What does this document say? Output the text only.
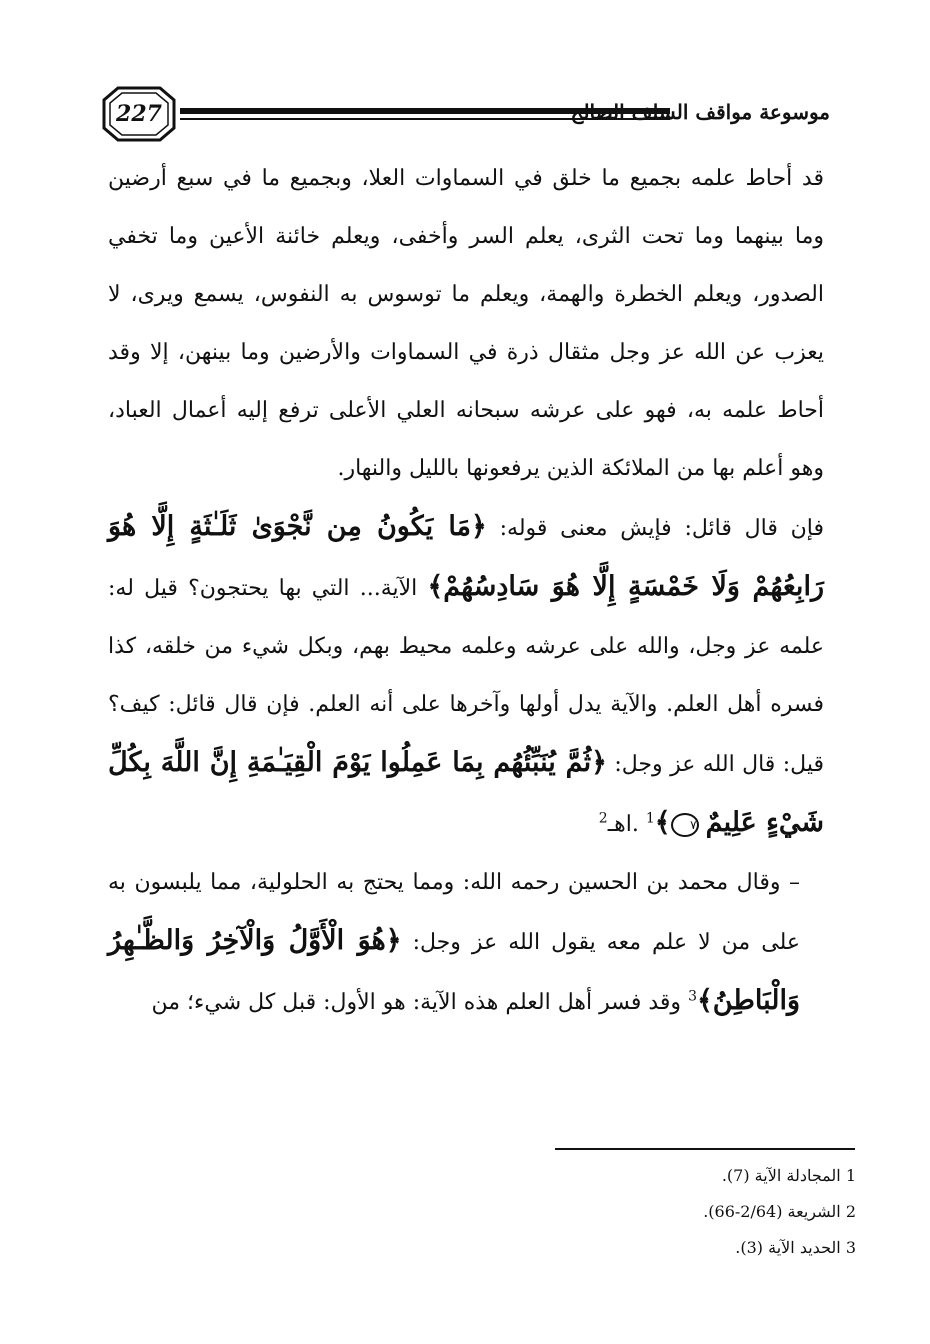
227	موسوعة مواقف السلف الصالح

قد أحاط علمه بجميع ما خلق في السماوات العلا، وبجميع ما في سبع أرضين وما بينهما وما تحت الثرى، يعلم السر وأخفى، ويعلم خائنة الأعين وما تخفي الصدور، ويعلم الخطرة والهمة، ويعلم ما توسوس به النفوس، يسمع ويرى، لا يعزب عن الله عز وجل مثقال ذرة في السماوات والأرضين وما بينهن، إلا وقد أحاط علمه به، فهو على عرشه سبحانه العلي الأعلى ترفع إليه أعمال العباد، وهو أعلم بها من الملائكة الذين يرفعونها بالليل والنهار.

فإن قال قائل: فإيش معنى قوله: ﴿مَا يَكُونُ مِن نَّجْوَىٰ ثَلَـٰثَةٍ إِلَّا هُوَ رَابِعُهُمْ وَلَا خَمْسَةٍ إِلَّا هُوَ سَادِسُهُمْ﴾ الآية... التي بها يحتجون؟ قيل له: علمه عز وجل، والله على عرشه وعلمه محيط بهم، وبكل شيء من خلقه، كذا فسره أهل العلم. والآية يدل أولها وآخرها على أنه العلم. فإن قال قائل: كيف؟ قيل: قال الله عز وجل: ﴿ثُمَّ يُنَبِّئُهُم بِمَا عَمِلُوا يَوْمَ الْقِيَـٰمَةِ إِنَّ اللَّهَ بِكُلِّ شَيْءٍ عَلِيمٌ ٧﴾$^1$ .اهـ$^2$

– وقال محمد بن الحسين رحمه الله: ومما يحتج به الحلولية، مما يلبسون به على من لا علم معه يقول الله عز وجل: ﴿هُوَ الْأَوَّلُ وَالْآخِرُ وَالظَّـٰهِرُ وَالْبَاطِنُ﴾$^3$ وقد فسر أهل العلم هذه الآية: هو الأول: قبل كل شيء؛ من

1 المجادلة الآية (7).
2 الشريعة (2/64-66).
3 الحديد الآية (3).
